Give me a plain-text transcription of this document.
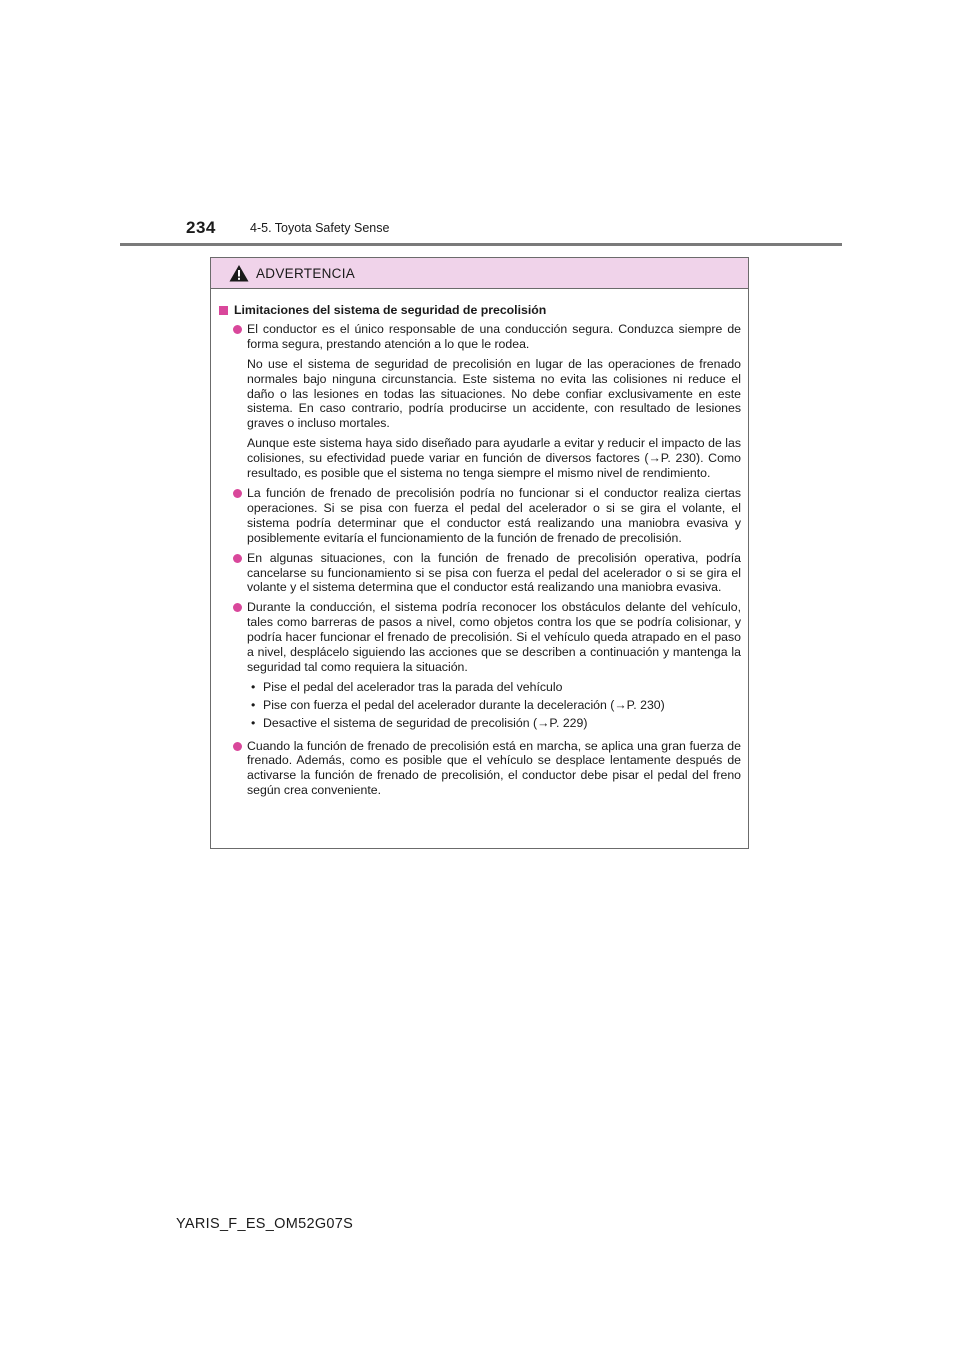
234	4-5. Toyota Safety Sense
ADVERTENCIA
Limitaciones del sistema de seguridad de precolisión

El conductor es el único responsable de una conducción segura. Conduzca siempre de forma segura, prestando atención a lo que le rodea.

No use el sistema de seguridad de precolisión en lugar de las operaciones de frenado normales bajo ninguna circunstancia. Este sistema no evita las colisiones ni reduce el daño o las lesiones en todas las situaciones. No debe confiar exclusivamente en este sistema. En caso contrario, podría producirse un accidente, con resultado de lesiones graves o incluso mortales.

Aunque este sistema haya sido diseñado para ayudarle a evitar y reducir el impacto de las colisiones, su efectividad puede variar en función de diversos factores (→P. 230). Como resultado, es posible que el sistema no tenga siempre el mismo nivel de rendimiento.

La función de frenado de precolisión podría no funcionar si el conductor realiza ciertas operaciones. Si se pisa con fuerza el pedal del acelerador o si se gira el volante, el sistema podría determinar que el conductor está realizando una maniobra evasiva y posiblemente evitaría el funcionamiento de la función de frenado de precolisión.

En algunas situaciones, con la función de frenado de precolisión operativa, podría cancelarse su funcionamiento si se pisa con fuerza el pedal del acelerador o si se gira el volante y el sistema determina que el conductor está realizando una maniobra evasiva.

Durante la conducción, el sistema podría reconocer los obstáculos delante del vehículo, tales como barreras de pasos a nivel, como objetos contra los que se podría colisionar, y podría hacer funcionar el frenado de precolisión. Si el vehículo queda atrapado en el paso a nivel, desplácelo siguiendo las acciones que se describen a continuación y mantenga la seguridad tal como requiera la situación.

• Pise el pedal del acelerador tras la parada del vehículo
• Pise con fuerza el pedal del acelerador durante la deceleración (→P. 230)
• Desactive el sistema de seguridad de precolisión (→P. 229)

Cuando la función de frenado de precolisión está en marcha, se aplica una gran fuerza de frenado. Además, como es posible que el vehículo se desplace lentamente después de activarse la función de frenado de precolisión, el conductor debe pisar el pedal del freno según crea conveniente.

YARIS_F_ES_OM52G07S
